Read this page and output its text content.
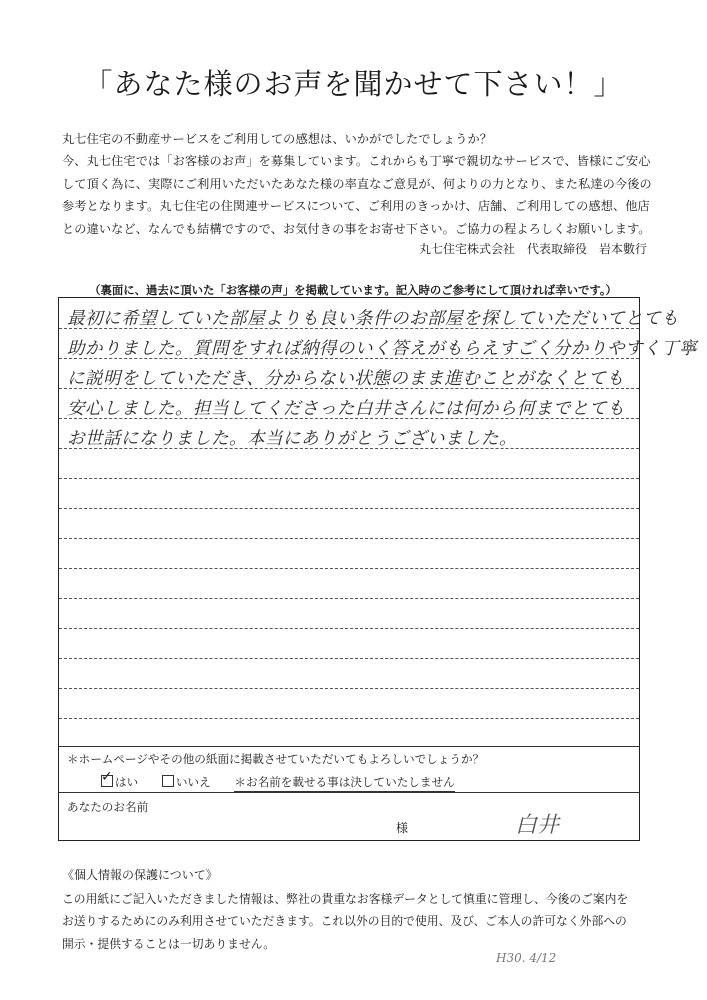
「あなた様のお声を聞かせて下さい！」

丸七住宅の不動産サービスをご利用しての感想は、いかがでしたでしょうか？

今、丸七住宅では「お客様のお声」を募集しています。これからも丁寧で親切なサービスで、皆様にご安心

して頂く為に、実際にご利用いただいたあなた様の率直なご意見が、何よりの力となり、また私達の今後の

参考となります。丸七住宅の住関連サービスについて、ご利用のきっかけ、店舗、ご利用しての感想、他店

との違いなど、なんでも結構ですので、お気付きの事をお寄せ下さい。ご協力の程よろしくお願いします。

丸七住宅株式会社　代表取締役　岩本數行
（裏面に、過去に頂いた「お客様の声」を掲載しています。記入時のご参考にして頂ければ幸いです。）
最初に希望していた部屋よりも良い条件のお部屋を探していただいてとても
助かりました。質問をすれば納得のいく答えがもらえすごく分かりやすく丁寧
に説明をしていただき、分からない状態のまま進むことがなくとても
安心しました。担当してくださった白井さんには何から何までとても
お世話になりました。本当にありがとうございました。
＊ホームページやその他の紙面に掲載させていただいてもよろしいでしょうか？
✓ はい	いいえ ＊お名前を載せる事は決していたしません
あなたのお名前
様	白井
《個人情報の保護について》

この用紙にご記入いただきました情報は、弊社の貴重なお客様データとして慎重に管理し、今後のご案内を

お送りするためにのみ利用させていただきます。これ以外の目的で使用、及び、ご本人の許可なく外部への

開示・提供することは一切ありません。

H30. 4/12
